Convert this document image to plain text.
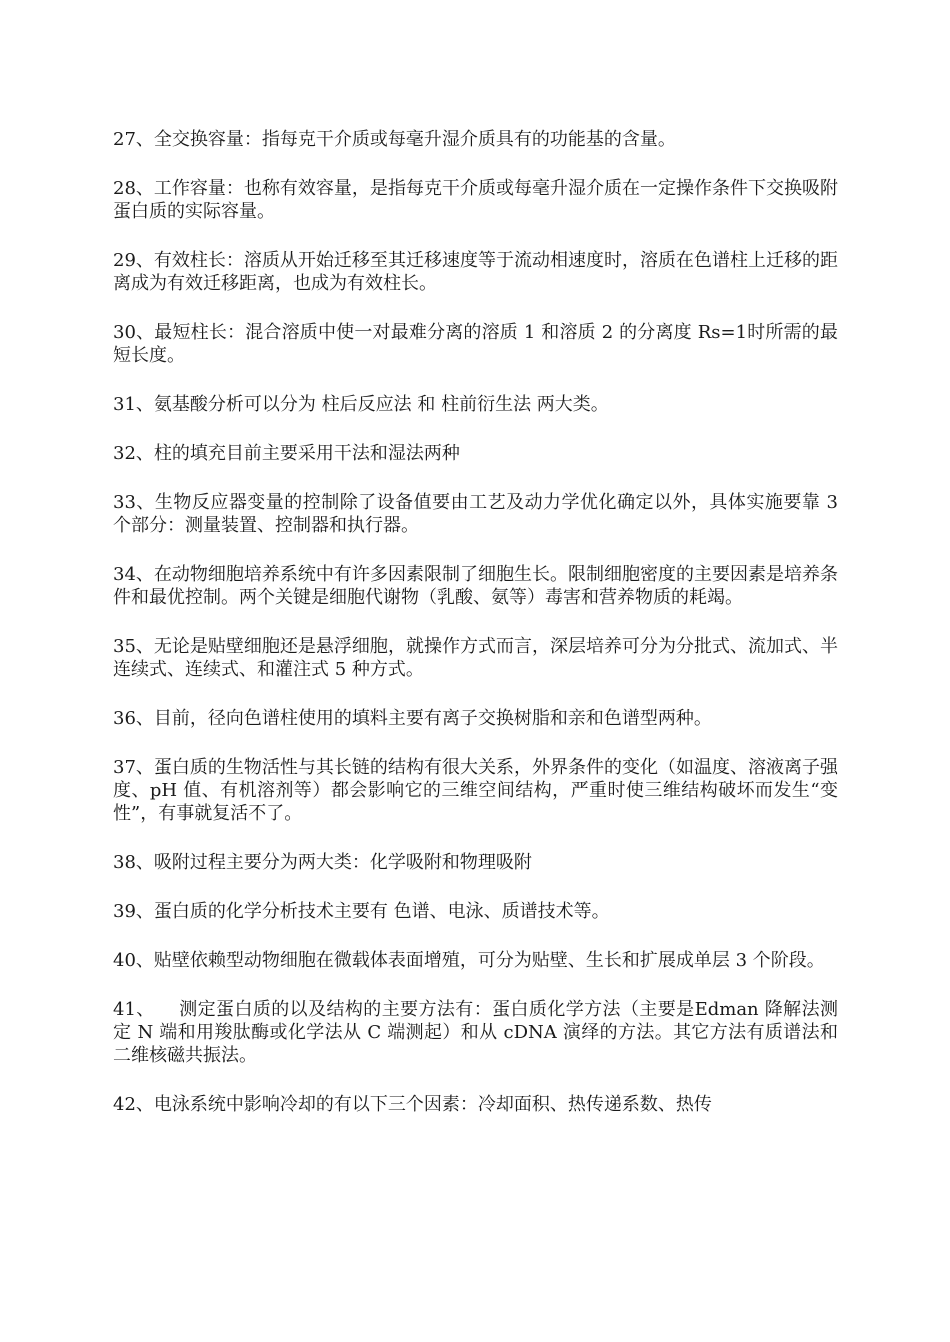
27、全交换容量：指每克干介质或每毫升湿介质具有的功能基的含量。

28、工作容量：也称有效容量，是指每克干介质或每毫升湿介质在一定操作条件下交换吸附蛋白质的实际容量。

29、有效柱长：溶质从开始迁移至其迁移速度等于流动相速度时，溶质在色谱柱上迁移的距离成为有效迁移距离，也成为有效柱长。

30、最短柱长：混合溶质中使一对最难分离的溶质 1 和溶质 2 的分离度 Rs=1时所需的最短长度。

31、氨基酸分析可以分为 柱后反应法 和 柱前衍生法 两大类。

32、柱的填充目前主要采用干法和湿法两种

33、生物反应器变量的控制除了设备值要由工艺及动力学优化确定以外，具体实施要靠 3 个部分：测量装置、控制器和执行器。

34、在动物细胞培养系统中有许多因素限制了细胞生长。限制细胞密度的主要因素是培养条件和最优控制。两个关键是细胞代谢物（乳酸、氨等）毒害和营养物质的耗竭。

35、无论是贴壁细胞还是悬浮细胞，就操作方式而言，深层培养可分为分批式、流加式、半连续式、连续式、和灌注式 5 种方式。

36、目前，径向色谱柱使用的填料主要有离子交换树脂和亲和色谱型两种。

37、蛋白质的生物活性与其长链的结构有很大关系，外界条件的变化（如温度、溶液离子强度、pH 值、有机溶剂等）都会影响它的三维空间结构，严重时使三维结构破坏而发生“变性”，有事就复活不了。

38、吸附过程主要分为两大类：化学吸附和物理吸附

39、蛋白质的化学分析技术主要有 色谱、电泳、质谱技术等。

40、贴壁依赖型动物细胞在微载体表面增殖，可分为贴壁、生长和扩展成单层 3 个阶段。

41、    测定蛋白质的以及结构的主要方法有：蛋白质化学方法（主要是Edman 降解法测定 N 端和用羧肽酶或化学法从 C 端测起）和从 cDNA 演绎的方法。其它方法有质谱法和二维核磁共振法。

42、电泳系统中影响冷却的有以下三个因素：冷却面积、热传递系数、热传
